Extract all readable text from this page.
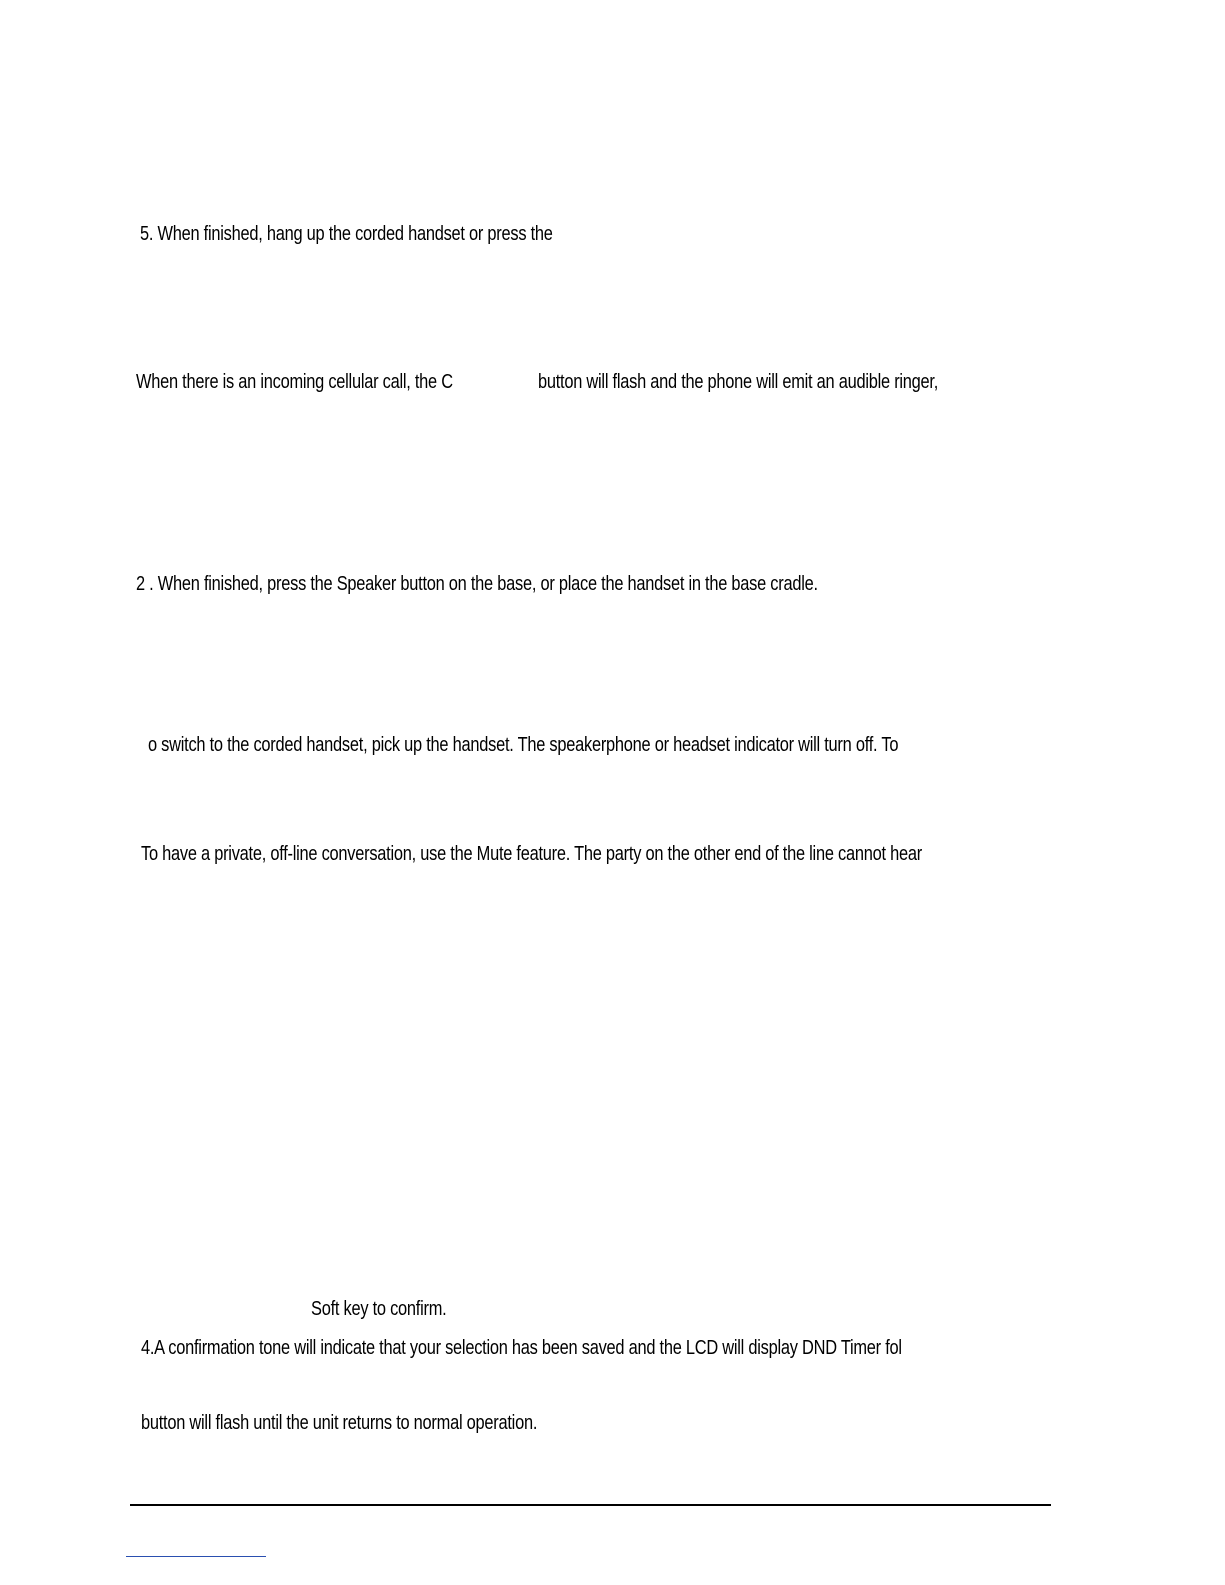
5. When finished, hang up the corded handset or press the
When there is an incoming cellular call, the C	button will flash and the phone will emit an audible ringer,
2 . When finished, press the Speaker button on the base, or place the handset in the base cradle.
o switch to the corded handset, pick up the handset. The speakerphone or headset indicator will turn off. To
To have a private, off-line conversation, use the Mute feature. The party on the other end of the line cannot hear
Soft key to confirm.
4.A confirmation tone will indicate that your selection has been saved and the LCD will display DND Timer fol
button will flash until the unit returns to normal operation.
